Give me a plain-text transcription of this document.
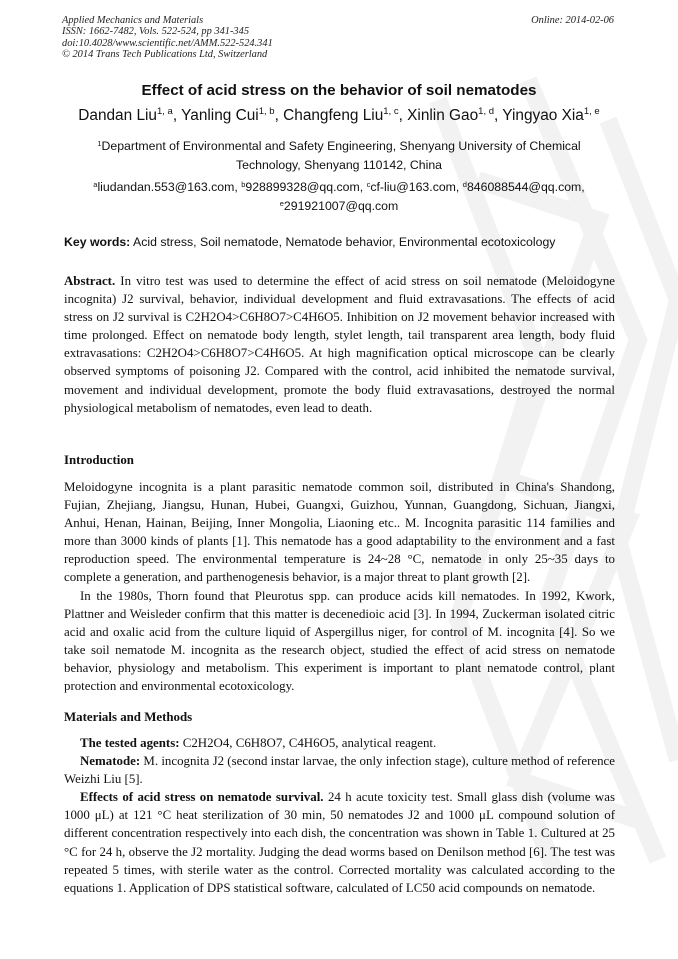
Applied Mechanics and Materials
ISSN: 1662-7482, Vols. 522-524, pp 341-345
doi:10.4028/www.scientific.net/AMM.522-524.341
© 2014 Trans Tech Publications Ltd, Switzerland
Online: 2014-02-06
Effect of acid stress on the behavior of soil nematodes
Dandan Liu$^{1, a}$, Yanling Cui$^{1, b}$, Changfeng Liu$^{1, c}$, Xinlin Gao$^{1, d}$, Yingyao Xia$^{1, e}$
$^1$Department of Environmental and Safety Engineering, Shenyang University of Chemical Technology, Shenyang 110142, China
$^a$liudandan.553@163.com, $^b$928899328@qq.com, $^c$cf-liu@163.com, $^d$846088544@qq.com,
$^e$291921007@qq.com
Key words: Acid stress, Soil nematode, Nematode behavior, Environmental ecotoxicology
Abstract. In vitro test was used to determine the effect of acid stress on soil nematode (Meloidogyne incognita) J2 survival, behavior, individual development and fluid extravasations. The effects of acid stress on J2 survival is C2H2O4>C6H8O7>C4H6O5. Inhibition on J2 movement behavior increased with time prolonged. Effect on nematode body length, stylet length, tail transparent area length, body fluid extravasations: C2H2O4>C6H8O7>C4H6O5. At high magnification optical microscope can be clearly observed symptoms of poisoning J2. Compared with the control, acid inhibited the nematode survival, movement and individual development, promote the body fluid extravasations, destroyed the normal physiological metabolism of nematodes, even lead to death.
Introduction

Meloidogyne incognita is a plant parasitic nematode common soil, distributed in China's Shandong, Fujian, Zhejiang, Jiangsu, Hunan, Hubei, Guangxi, Guizhou, Yunnan, Guangdong, Sichuan, Jiangxi, Anhui, Henan, Hainan, Beijing, Inner Mongolia, Liaoning etc.. M. Incognita parasitic 114 families and more than 3000 kinds of plants [1]. This nematode has a good adaptability to the environment and a fast reproduction speed. The environmental temperature is 24~28 °C, nematode in only 25~35 days to complete a generation, and parthenogenesis behavior, is a major threat to plant growth [2].

In the 1980s, Thorn found that Pleurotus spp. can produce acids kill nematodes. In 1992, Kwork, Plattner and Weisleder confirm that this matter is decenedioic acid [3]. In 1994, Zuckerman isolated citric acid and oxalic acid from the culture liquid of Aspergillus niger, for control of M. incognita [4]. So we take soil nematode M. incognita as the research object, studied the effect of acid stress on nematode behavior, physiology and metabolism. This experiment is important to plant nematode control, plant protection and environmental ecotoxicology.

Materials and Methods

The tested agents: C2H2O4, C6H8O7, C4H6O5, analytical reagent.

Nematode: M. incognita J2 (second instar larvae, the only infection stage), culture method of reference Weizhi Liu [5].

Effects of acid stress on nematode survival. 24 h acute toxicity test. Small glass dish (volume was 1000 μL) at 121 °C heat sterilization of 30 min, 50 nematodes J2 and 1000 μL compound solution of different concentration respectively into each dish, the concentration was shown in Table 1. Cultured at 25 °C for 24 h, observe the J2 mortality. Judging the dead worms based on Denilson method [6]. The test was repeated 5 times, with sterile water as the control. Corrected mortality was calculated according to the equations 1. Application of DPS statistical software, calculated of LC50 acid compounds on nematode.
